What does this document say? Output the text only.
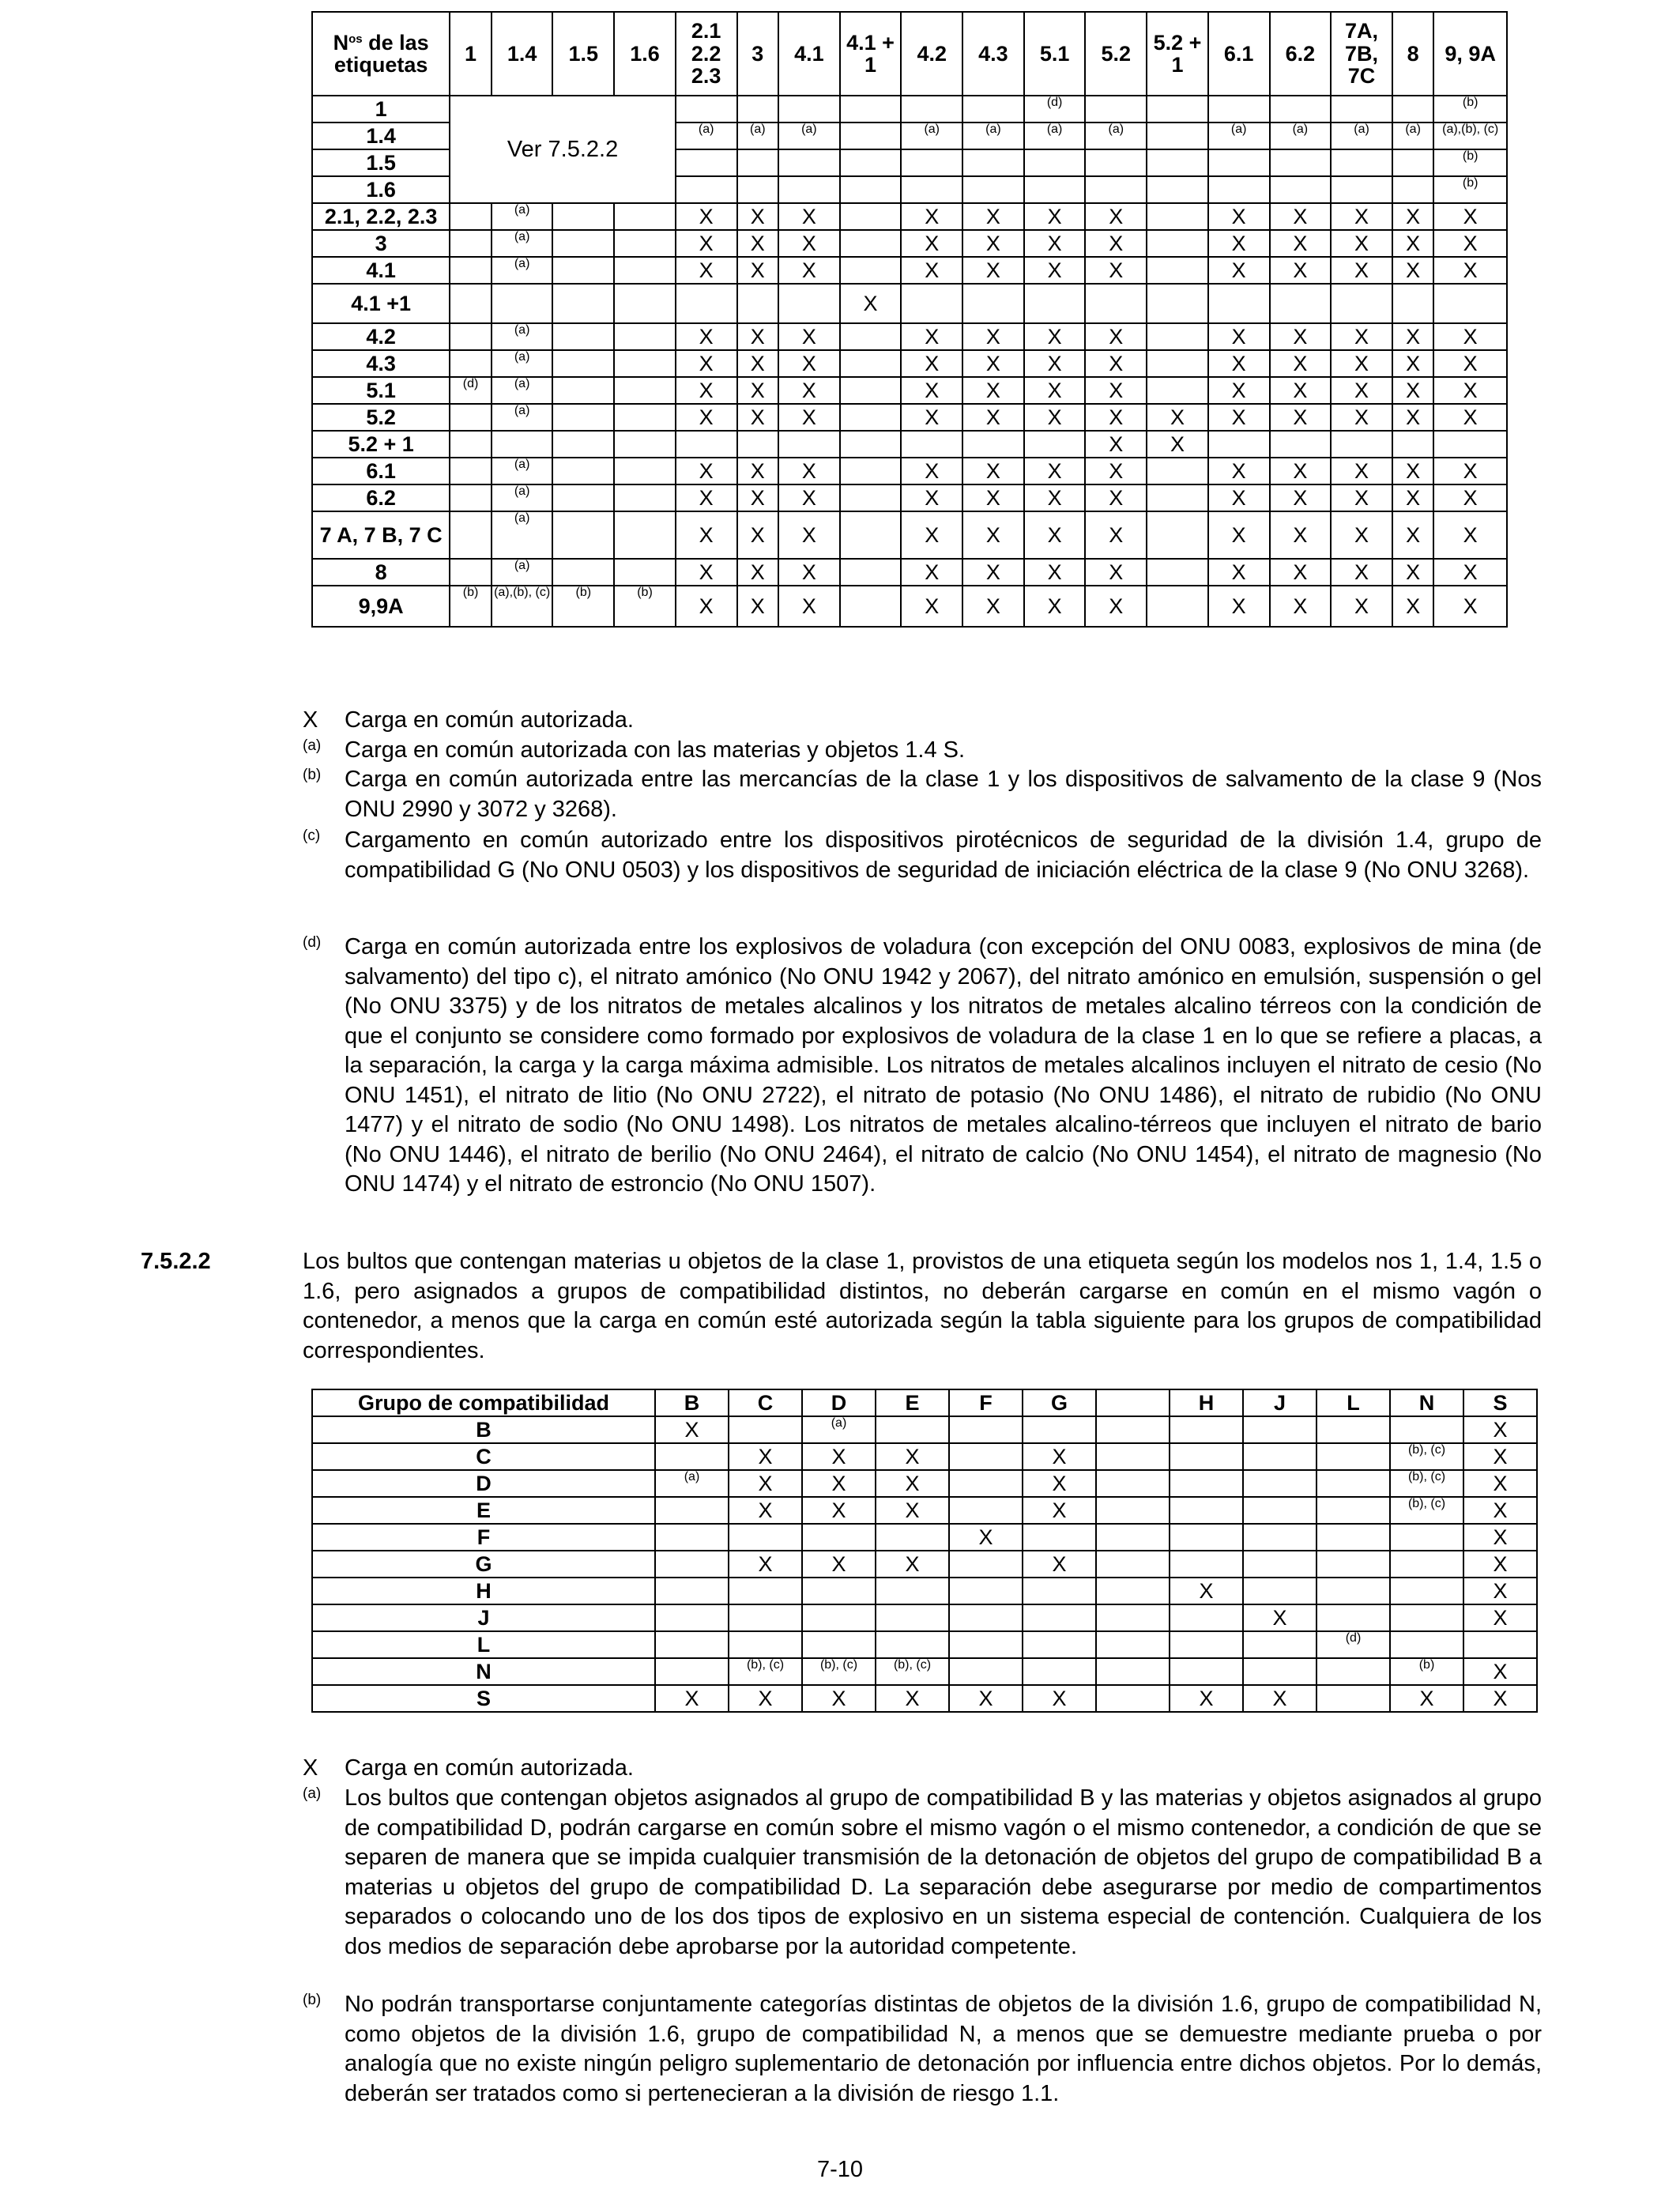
N$^{os}$ de las
etiquetas	1	1.4	1.5	1.6	2.1 2.2 2.3	3	4.1	4.1 + 1	4.2	4.3	5.1	5.2	5.2 + 1	6.1	6.2	7A, 7B, 7C	8	9, 9A
1	Ver 7.5.2.2										$^{(d)}$							$^{(b)}$
1.4					$^{(a)}$	$^{(a)}$	$^{(a)}$		$^{(a)}$	$^{(a)}$	$^{(a)}$	$^{(a)}$		$^{(a)}$	$^{(a)}$	$^{(a)}$	$^{(a)}$	$^{(a),(b), (c)}$
1.5																		$^{(b)}$
1.6																		$^{(b)}$
2.1, 2.2, 2.3		$^{(a)}$			X	X	X		X	X	X	X		X	X	X	X	X
3		$^{(a)}$			X	X	X		X	X	X	X		X	X	X	X	X
4.1		$^{(a)}$			X	X	X		X	X	X	X		X	X	X	X	X
4.1 +1								X										
4.2		$^{(a)}$			X	X	X		X	X	X	X		X	X	X	X	X
4.3		$^{(a)}$			X	X	X		X	X	X	X		X	X	X	X	X
5.1	$^{(d)}$	$^{(a)}$			X	X	X		X	X	X	X		X	X	X	X	X
5.2		$^{(a)}$			X	X	X		X	X	X	X	X	X	X	X	X	X
5.2 + 1												X	X					
6.1		$^{(a)}$			X	X	X		X	X	X	X		X	X	X	X	X
6.2		$^{(a)}$			X	X	X		X	X	X	X		X	X	X	X	X
7 A, 7 B, 7 C		$^{(a)}$			X	X	X		X	X	X	X		X	X	X	X	X
8		$^{(a)}$			X	X	X		X	X	X	X		X	X	X	X	X
9,9A	$^{(b)}$	$^{(a),(b), (c)}$	$^{(b)}$	$^{(b)}$	X	X	X		X	X	X	X		X	X	X	X	X
X	Carga en común autorizada.
(a)	Carga en común autorizada con las materias y objetos 1.4 S.
(b)	Carga en común autorizada entre las mercancías de la clase 1 y los dispositivos de salvamento de la clase 9 (Nos ONU 2990 y 3072 y 3268).
(c)	Cargamento en común autorizado entre los dispositivos pirotécnicos de seguridad de la división 1.4, grupo de compatibilidad G (No ONU 0503) y los dispositivos de seguridad de iniciación eléctrica de la clase 9 (No ONU 3268).
(d)	Carga en común autorizada entre los explosivos de voladura (con excepción del ONU 0083, explosivos de mina (de salvamento) del tipo c), el nitrato amónico (No ONU 1942 y 2067), del nitrato amónico en emulsión, suspensión o gel (No ONU 3375) y de los nitratos de metales alcalinos y los nitratos de metales alcalino térreos con la condición de que el conjunto se considere como formado por explosivos de voladura de la clase 1 en lo que se refiere a placas, a la separación, la carga y la carga máxima admisible. Los nitratos de metales alcalinos incluyen el nitrato de cesio (No ONU 1451), el nitrato de litio (No ONU 2722), el nitrato de potasio (No ONU 1486), el nitrato de rubidio (No ONU 1477) y el nitrato de sodio (No ONU 1498). Los nitratos de metales alcalino-térreos que incluyen el nitrato de bario (No ONU 1446), el nitrato de berilio (No ONU 2464), el nitrato de calcio (No ONU 1454), el nitrato de magnesio (No ONU 1474) y el nitrato de estroncio (No ONU 1507).
7.5.2.2	Los bultos que contengan materias u objetos de la clase 1, provistos de una etiqueta según los modelos nos 1, 1.4, 1.5 o 1.6, pero asignados a grupos de compatibilidad distintos, no deberán cargarse en común en el mismo vagón o contenedor, a menos que la carga en común esté autorizada según la tabla siguiente para los grupos de compatibilidad correspondientes.
Grupo de compatibilidad	B	C	D	E	F	G		H	J	L	N	S
B	X		$^{(a)}$									X
C		X	X	X		X					$^{(b), (c)}$	X
D	$^{(a)}$	X	X	X		X					$^{(b), (c)}$	X
E		X	X	X		X					$^{(b), (c)}$	X
F					X							X
G		X	X	X		X						X
H								X				X
J									X			X
L										$^{(d)}$		
N		$^{(b), (c)}$	$^{(b), (c)}$	$^{(b), (c)}$							$^{(b)}$	X
S	X	X	X	X	X	X		X	X		X	X
X	Carga en común autorizada.
(a)	Los bultos que contengan objetos asignados al grupo de compatibilidad B y las materias y objetos asignados al grupo de compatibilidad D, podrán cargarse en común sobre el mismo vagón o el mismo contenedor, a condición de que se separen de manera que se impida cualquier transmisión de la detonación de objetos del grupo de compatibilidad B a materias u objetos del grupo de compatibilidad D. La separación debe asegurarse por medio de compartimentos separados o colocando uno de los dos tipos de explosivo en un sistema especial de contención. Cualquiera de los dos medios de separación debe aprobarse por la autoridad competente.
(b)	No podrán transportarse conjuntamente categorías distintas de objetos de la división 1.6, grupo de compatibilidad N, como objetos de la división 1.6, grupo de compatibilidad N, a menos que se demuestre mediante prueba o por analogía que no existe ningún peligro suplementario de detonación por influencia entre dichos objetos. Por lo demás, deberán ser tratados como si pertenecieran a la división de riesgo 1.1.
7-10
